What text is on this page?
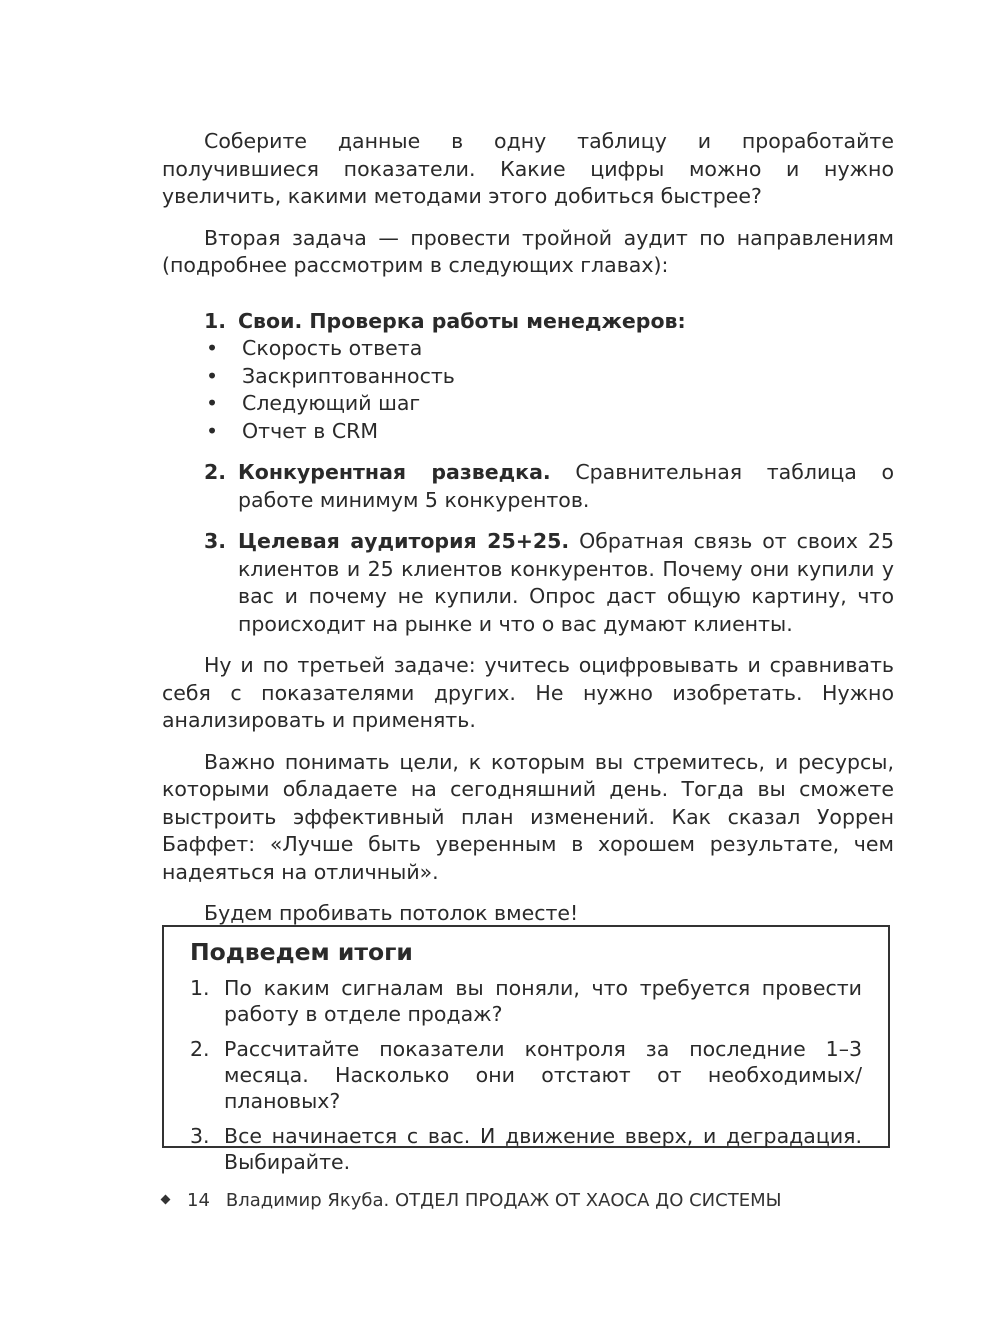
Соберите данные в одну таблицу и проработайте получившиеся показатели. Какие цифры можно и нужно увеличить, какими методами этого добиться быстрее?

Вторая задача — провести тройной аудит по направлениям (подробнее рассмотрим в следующих главах):

1. Свои. Проверка работы менеджеров:
• Скорость ответа
• Заскриптованность
• Следующий шаг
• Отчет в CRM
2. Конкурентная разведка. Сравнительная таблица о работе минимум 5 конкурентов.
3. Целевая аудитория 25+25. Обратная связь от своих 25 клиентов и 25 клиентов конкурентов. Почему они купили у вас и почему не купили. Опрос даст общую картину, что происходит на рынке и что о вас думают клиенты.

Ну и по третьей задаче: учитесь оцифровывать и сравнивать себя с показателями других. Не нужно изобретать. Нужно анализировать и применять.

Важно понимать цели, к которым вы стремитесь, и ресурсы, которыми обладаете на сегодняшний день. Тогда вы сможете выстроить эффективный план изменений. Как сказал Уоррен Баффет: «Лучше быть уверенным в хорошем результате, чем надеяться на отличный».

Будем пробивать потолок вместе!

Подведем итоги
1. По каким сигналам вы поняли, что требуется провести работу в отделе продаж?
2. Рассчитайте показатели контроля за последние 1–3 месяца. Насколько они отстают от необходимых/плановых?
3. Все начинается с вас. И движение вверх, и деградация. Выбирайте.
14 Владимир Якуба. ОТДЕЛ ПРОДАЖ ОТ ХАОСА ДО СИСТЕМЫ
